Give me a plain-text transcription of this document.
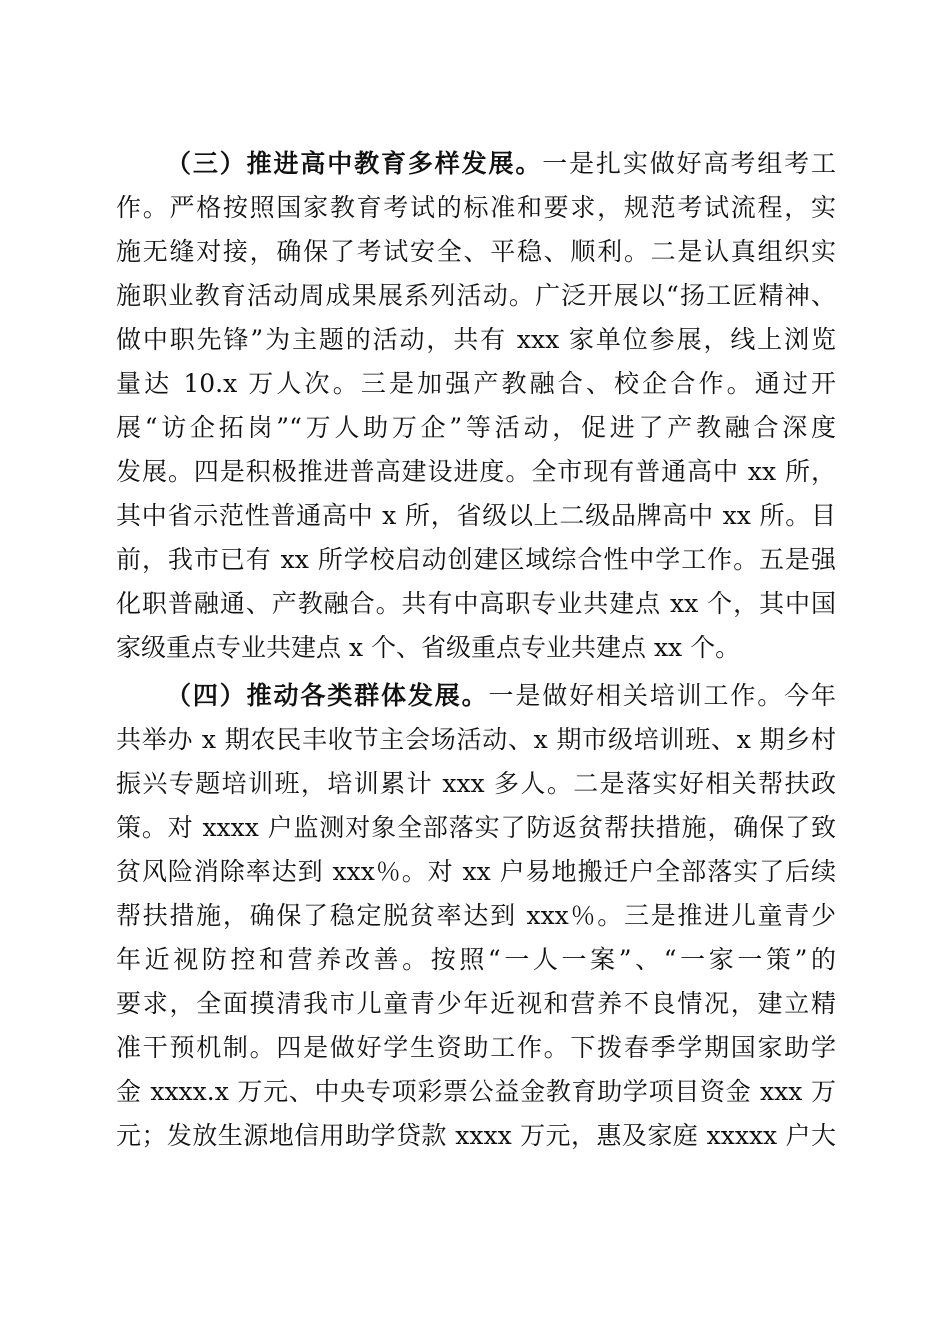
（三）推进高中教育多样发展。一是扎实做好高考组考工
作。严格按照国家教育考试的标准和要求，规范考试流程，实
施无缝对接，确保了考试安全、平稳、顺利。二是认真组织实
施职业教育活动周成果展系列活动。广泛开展以“扬工匠精神、
做中职先锋”为主题的活动，共有 xxx 家单位参展，线上浏览
量达 10.x 万人次。三是加强产教融合、校企合作。通过开
展“访企拓岗”“万人助万企”等活动，促进了产教融合深度
发展。四是积极推进普高建设进度。全市现有普通高中 xx 所，
其中省示范性普通高中 x 所，省级以上二级品牌高中 xx 所。目
前，我市已有 xx 所学校启动创建区域综合性中学工作。五是强
化职普融通、产教融合。共有中高职专业共建点 xx 个，其中国
家级重点专业共建点 x 个、省级重点专业共建点 xx 个。
（四）推动各类群体发展。一是做好相关培训工作。今年
共举办 x 期农民丰收节主会场活动、x 期市级培训班、x 期乡村
振兴专题培训班，培训累计 xxx 多人。二是落实好相关帮扶政
策。对 xxxx 户监测对象全部落实了防返贫帮扶措施，确保了致
贫风险消除率达到 xxx％。对 xx 户易地搬迁户全部落实了后续
帮扶措施，确保了稳定脱贫率达到 xxx％。三是推进儿童青少
年近视防控和营养改善。按照“一人一案”、“一家一策”的
要求，全面摸清我市儿童青少年近视和营养不良情况，建立精
准干预机制。四是做好学生资助工作。下拨春季学期国家助学
金 xxxx.x 万元、中央专项彩票公益金教育助学项目资金 xxx 万
元；发放生源地信用助学贷款 xxxx 万元，惠及家庭 xxxxx 户大
